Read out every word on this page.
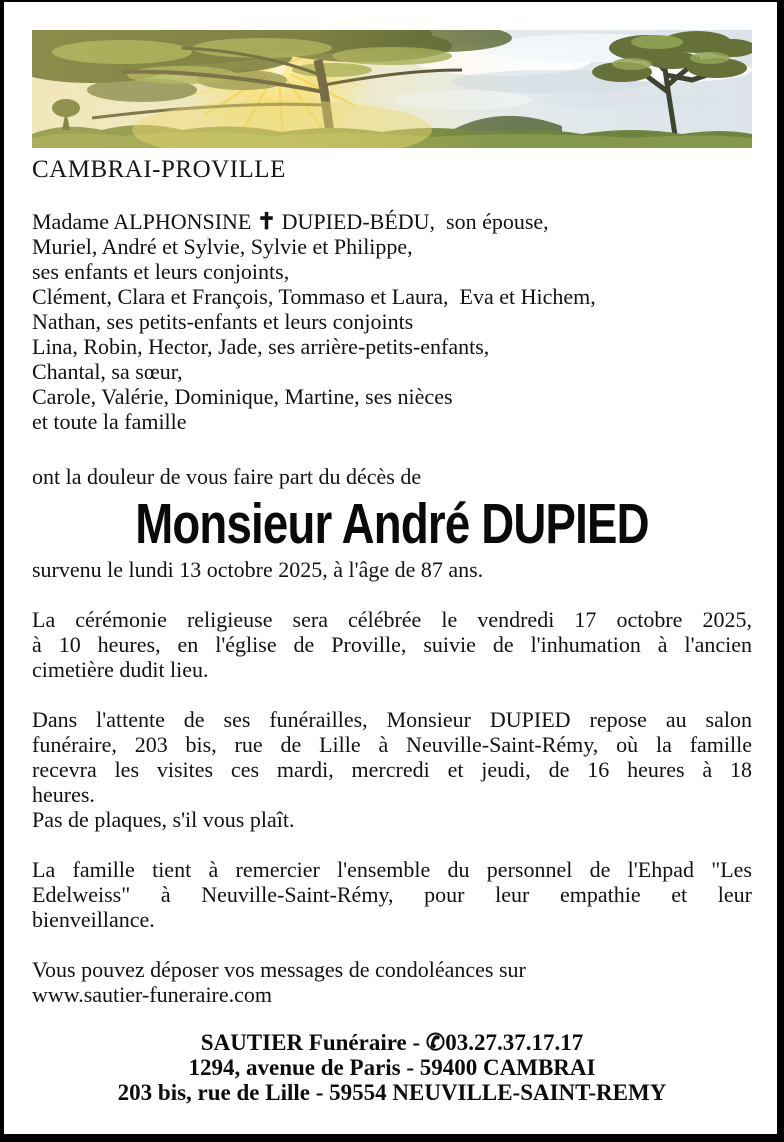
CAMBRAI-PROVILLE
Madame ALPHONSINE ✝ DUPIED-BÉDU,  son épouse,
Muriel, André et Sylvie, Sylvie et Philippe,
ses enfants et leurs conjoints,
Clément, Clara et François, Tommaso et Laura,  Eva et Hichem,
Nathan, ses petits-enfants et leurs conjoints
Lina, Robin, Hector, Jade, ses arrière-petits-enfants,
Chantal, sa sœur,
Carole, Valérie, Dominique, Martine, ses nièces
et toute la famille
ont la douleur de vous faire part du décès de
Monsieur André DUPIED
survenu le lundi 13 octobre 2025, à l'âge de 87 ans.
La cérémonie religieuse sera célébrée le vendredi 17 octobre 2025,
à 10 heures, en l'église de Proville, suivie de l'inhumation à l'ancien
cimetière dudit lieu.
Dans l'attente de ses funérailles, Monsieur DUPIED repose au salon
funéraire, 203 bis, rue de Lille à Neuville-Saint-Rémy, où la famille
recevra les visites ces mardi, mercredi et jeudi, de 16 heures à 18
heures.
Pas de plaques, s'il vous plaît.
La famille tient à remercier l'ensemble du personnel de l'Ehpad "Les
Edelweiss" à Neuville-Saint-Rémy, pour leur empathie et leur
bienveillance.
Vous pouvez déposer vos messages de condoléances sur
www.sautier-funeraire.com
SAUTIER Funéraire - ✆03.27.37.17.17
1294, avenue de Paris - 59400 CAMBRAI
203 bis, rue de Lille - 59554 NEUVILLE-SAINT-REMY
